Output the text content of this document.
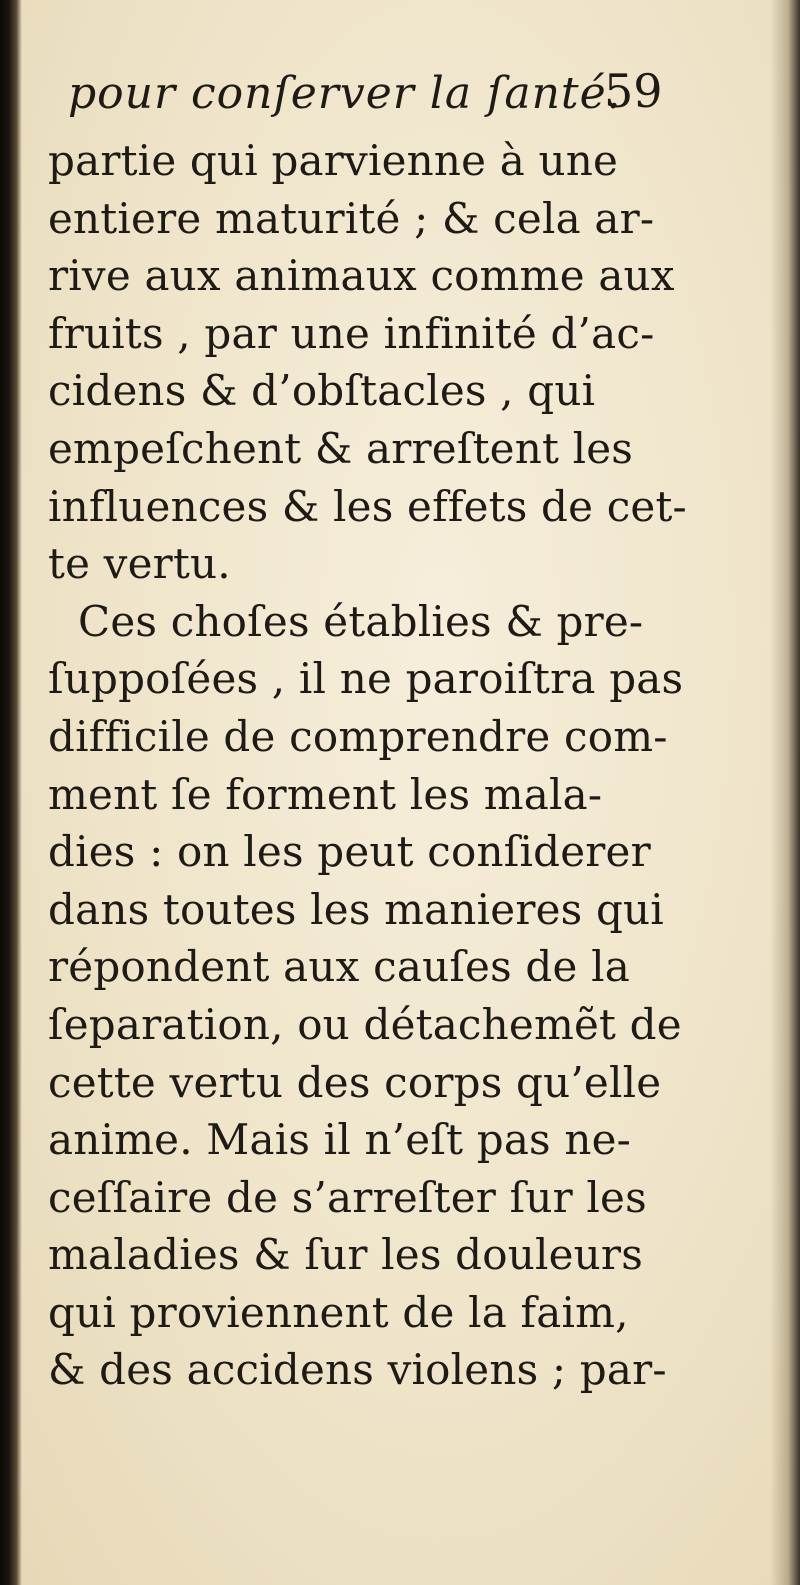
pour conſerver la ſanté.
59
partie qui parvienne à une
entiere maturité ; & cela ar-
rive aux animaux comme aux
fruits , par une infinité d’ac-
cidens & d’obſtacles , qui
empeſchent & arreſtent les
influences & les effets de cet-
te vertu.
Ces choſes établies & pre-
ſuppoſées , il ne paroiſtra pas
difficile de comprendre com-
ment ſe forment les mala-
dies : on les peut conſiderer
dans toutes les manieres qui
répondent aux cauſes de la
ſeparation, ou détachemẽt de
cette vertu des corps qu’elle
anime. Mais il n’eſt pas ne-
ceſſaire de s’arreſter ſur les
maladies & ſur les douleurs
qui proviennent de la faim,
& des accidens violens ; par-
